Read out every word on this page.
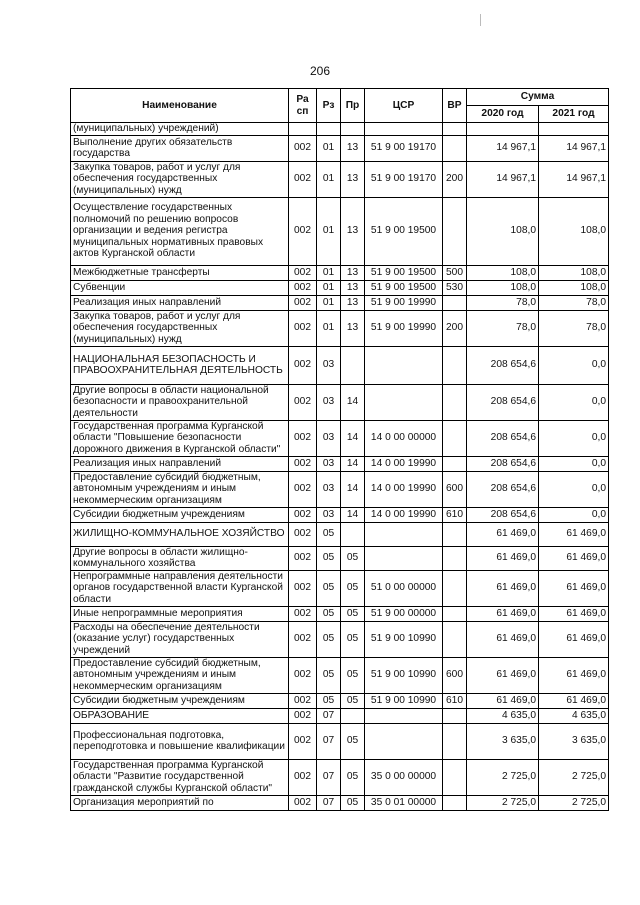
206
Наименование	Ра сп	Рз	Пр	ЦСР	ВР	Сумма	
						2020 год	2021 год
(муниципальных) учреждений)							
Выполнение других обязательств государства	002	01	13	51 9 00 19170		14 967,1	14 967,1
Закупка товаров, работ и услуг для обеспечения государственных (муниципальных) нужд	002	01	13	51 9 00 19170	200	14 967,1	14 967,1
Осуществление государственных полномочий по решению вопросов организации и ведения регистра муниципальных нормативных правовых актов Курганской области	002	01	13	51 9 00 19500		108,0	108,0
Межбюджетные трансферты	002	01	13	51 9 00 19500	500	108,0	108,0
Субвенции	002	01	13	51 9 00 19500	530	108,0	108,0
Реализация иных направлений	002	01	13	51 9 00 19990		78,0	78,0
Закупка товаров, работ и услуг для обеспечения государственных (муниципальных) нужд	002	01	13	51 9 00 19990	200	78,0	78,0
НАЦИОНАЛЬНАЯ БЕЗОПАСНОСТЬ И ПРАВООХРАНИТЕЛЬНАЯ ДЕЯТЕЛЬНОСТЬ	002	03				208 654,6	0,0
Другие вопросы в области национальной безопасности и правоохранительной деятельности	002	03	14			208 654,6	0,0
Государственная программа Курганской области "Повышение безопасности дорожного движения в Курганской области"	002	03	14	14 0 00 00000		208 654,6	0,0
Реализация иных направлений	002	03	14	14 0 00 19990		208 654,6	0,0
Предоставление субсидий бюджетным, автономным учреждениям и иным некоммерческим организациям	002	03	14	14 0 00 19990	600	208 654,6	0,0
Субсидии бюджетным учреждениям	002	03	14	14 0 00 19990	610	208 654,6	0,0
ЖИЛИЩНО-КОММУНАЛЬНОЕ ХОЗЯЙСТВО	002	05				61 469,0	61 469,0
Другие вопросы в области жилищно-коммунального хозяйства	002	05	05			61 469,0	61 469,0
Непрограммные направления деятельности органов государственной власти Курганской области	002	05	05	51 0 00 00000		61 469,0	61 469,0
Иные непрограммные мероприятия	002	05	05	51 9 00 00000		61 469,0	61 469,0
Расходы на обеспечение деятельности (оказание услуг) государственных учреждений	002	05	05	51 9 00 10990		61 469,0	61 469,0
Предоставление субсидий бюджетным, автономным учреждениям и иным некоммерческим организациям	002	05	05	51 9 00 10990	600	61 469,0	61 469,0
Субсидии бюджетным учреждениям	002	05	05	51 9 00 10990	610	61 469,0	61 469,0
ОБРАЗОВАНИЕ	002	07				4 635,0	4 635,0
Профессиональная подготовка, переподготовка и повышение квалификации	002	07	05			3 635,0	3 635,0
Государственная программа Курганской области "Развитие государственной гражданской службы Курганской области"	002	07	05	35 0 00 00000		2 725,0	2 725,0
Организация мероприятий по	002	07	05	35 0 01 00000		2 725,0	2 725,0
